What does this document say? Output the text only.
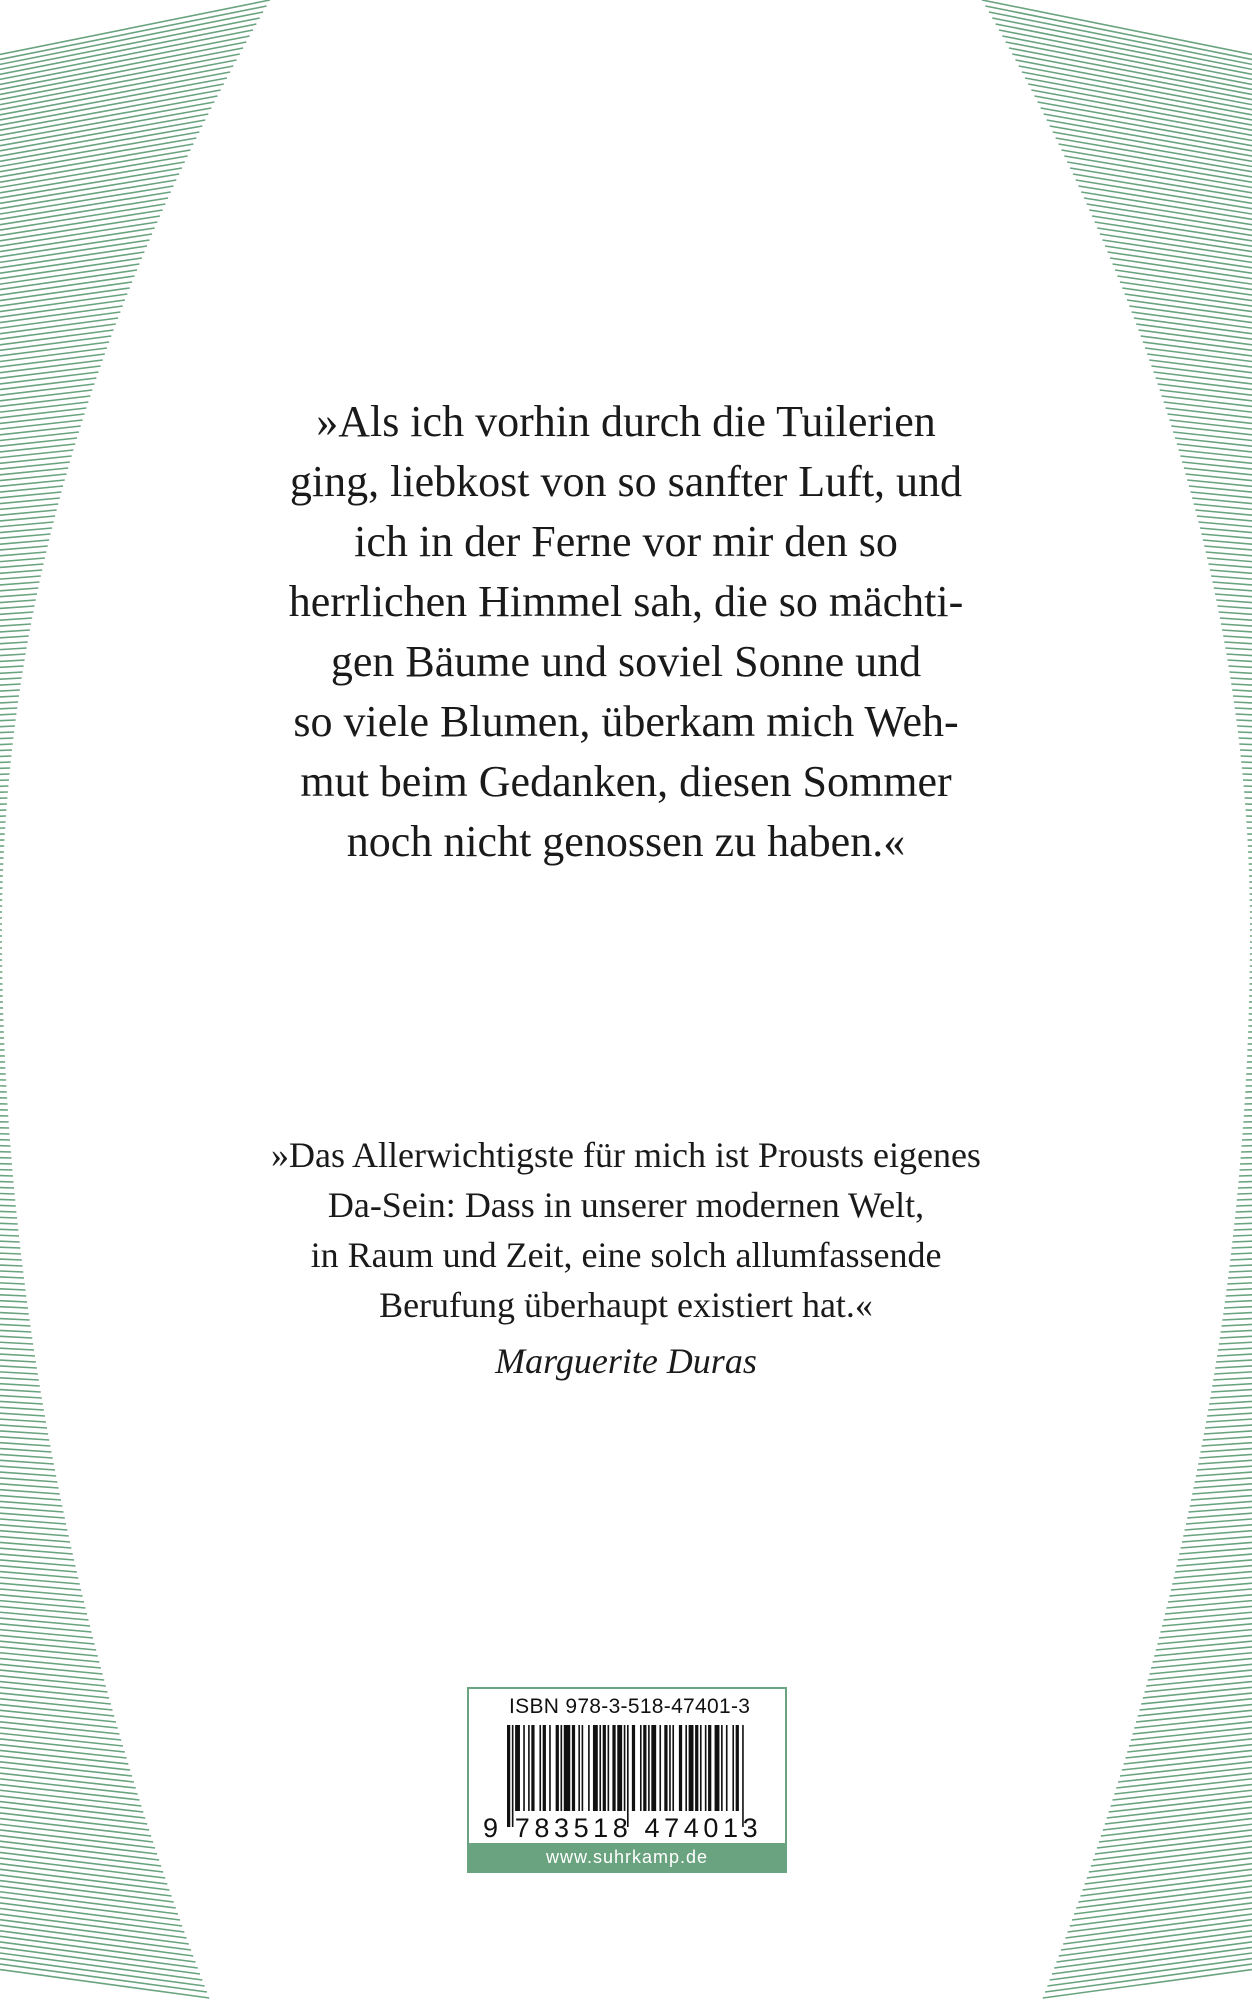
»Als ich vorhin durch die Tuilerien
ging, liebkost von so sanfter Luft, und
ich in der Ferne vor mir den so
herrlichen Himmel sah, die so mächti-
gen Bäume und soviel Sonne und
so viele Blumen, überkam mich Weh-
mut beim Gedanken, diesen Sommer
noch nicht genossen zu haben.«
»Das Allerwichtigste für mich ist Prousts eigenes
Da-Sein: Dass in unserer modernen Welt,
in Raum und Zeit, eine solch allumfassende
Berufung überhaupt existiert hat.«
Marguerite Duras
ISBN 978-3-518-47401-3
9 783518 474013
www.suhrkamp.de
